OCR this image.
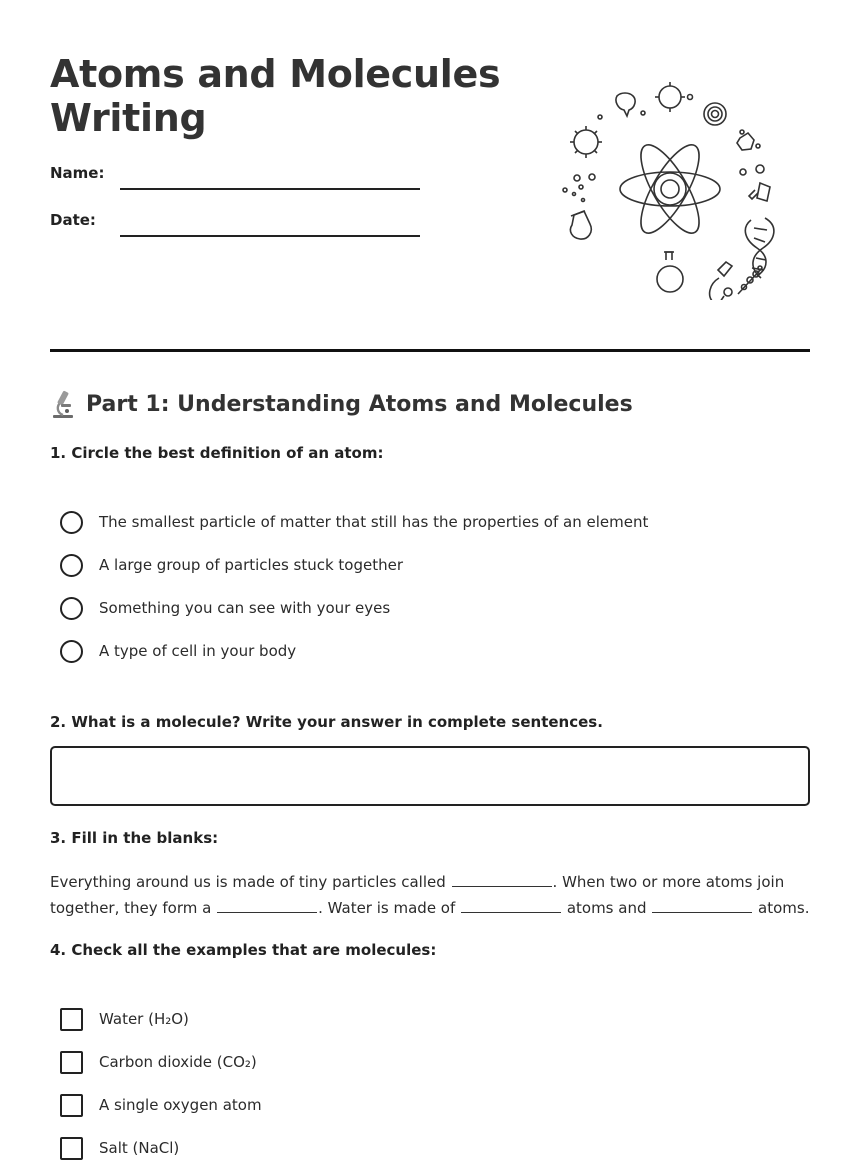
Atoms and Molecules
Writing
Name:
Date:
Part 1: Understanding Atoms and Molecules
1. Circle the best definition of an atom:
The smallest particle of matter that still has the properties of an element
A large group of particles stuck together
Something you can see with your eyes
A type of cell in your body
2. What is a molecule? Write your answer in complete sentences.
3. Fill in the blanks:
Everything around us is made of tiny particles called	. When two or more atoms join together, they form a	. Water is made of	atoms and	atoms.
4. Check all the examples that are molecules:
Water (H₂O)
Carbon dioxide (CO₂)
A single oxygen atom
Salt (NaCl)
